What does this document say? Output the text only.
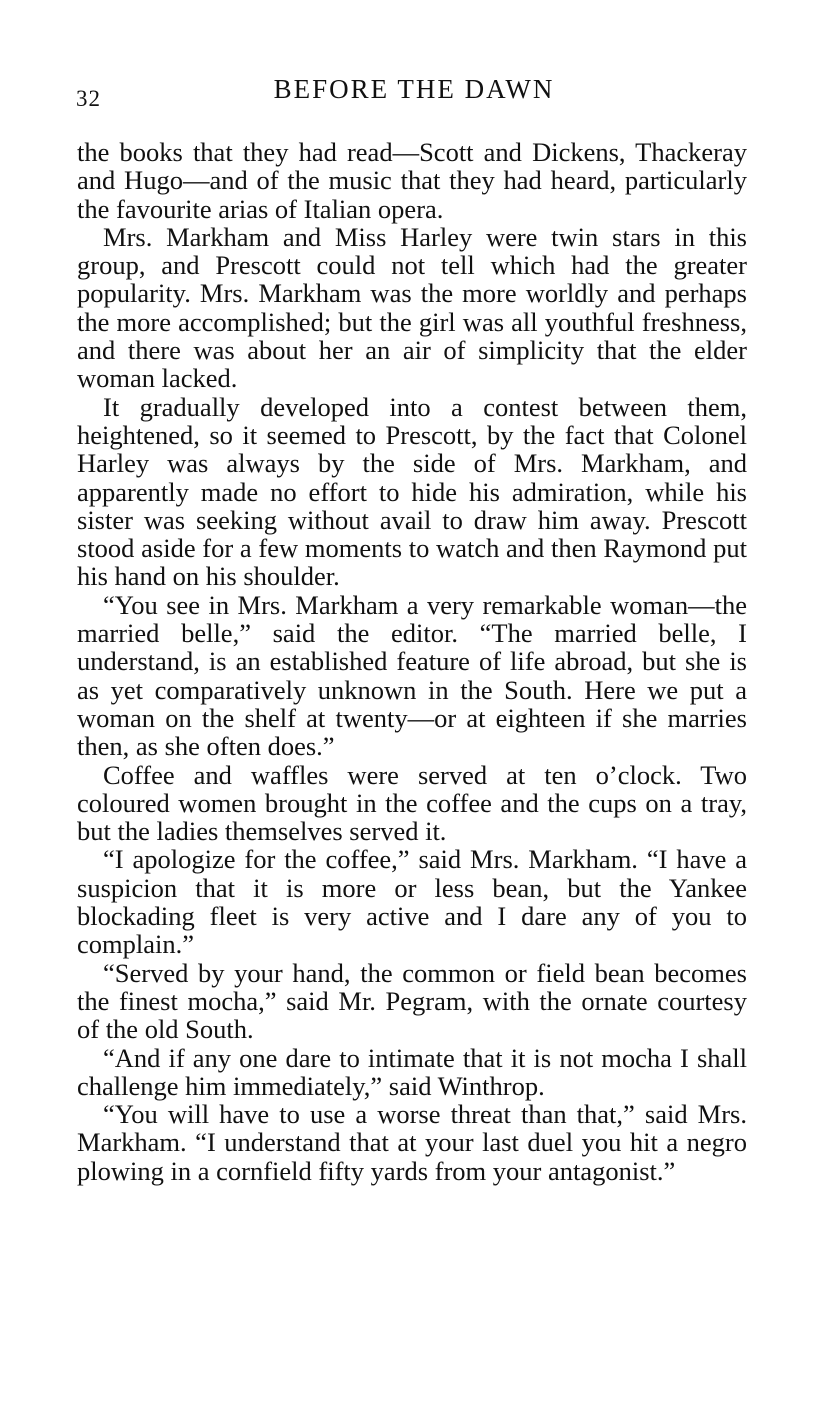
32	BEFORE THE DAWN

the books that they had read—Scott and Dickens, Thackeray and Hugo—and of the music that they had heard, particularly the favourite arias of Italian opera.

Mrs. Markham and Miss Harley were twin stars in this group, and Prescott could not tell which had the greater popularity. Mrs. Markham was the more worldly and perhaps the more accomplished; but the girl was all youthful freshness, and there was about her an air of simplicity that the elder woman lacked.

It gradually developed into a contest between them, heightened, so it seemed to Prescott, by the fact that Colonel Harley was always by the side of Mrs. Markham, and apparently made no effort to hide his admiration, while his sister was seeking without avail to draw him away. Prescott stood aside for a few moments to watch and then Raymond put his hand on his shoulder.

“You see in Mrs. Markham a very remarkable woman—the married belle,” said the editor. “The married belle, I understand, is an established feature of life abroad, but she is as yet comparatively unknown in the South. Here we put a woman on the shelf at twenty—or at eighteen if she marries then, as she often does.”

Coffee and waffles were served at ten o’clock. Two coloured women brought in the coffee and the cups on a tray, but the ladies themselves served it.

“I apologize for the coffee,” said Mrs. Markham. “I have a suspicion that it is more or less bean, but the Yankee blockading fleet is very active and I dare any of you to complain.”

“Served by your hand, the common or field bean becomes the finest mocha,” said Mr. Pegram, with the ornate courtesy of the old South.

“And if any one dare to intimate that it is not mocha I shall challenge him immediately,” said Winthrop.

“You will have to use a worse threat than that,” said Mrs. Markham. “I understand that at your last duel you hit a negro plowing in a cornfield fifty yards from your antagonist.”
